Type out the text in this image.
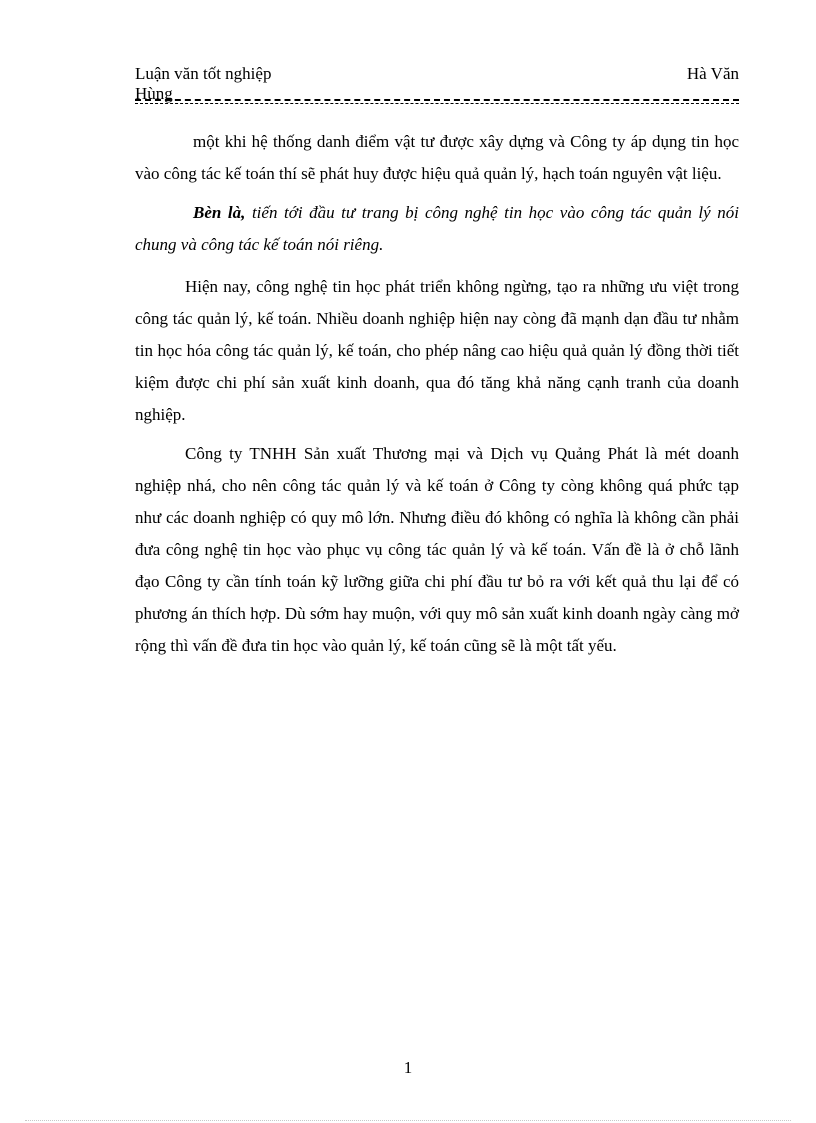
Luận văn tốt nghiệp
Hùng
Hà Văn

một khi hệ thống danh điểm vật tư được xây dựng và Công ty áp dụng tin học vào công tác kế toán thí sẽ phát huy được hiệu quả quản lý, hạch toán nguyên vật liệu.

Bèn là, tiến tới đầu tư trang bị công nghệ tin học vào công tác quản lý nói chung và công tác kế toán nói riêng.

Hiện nay, công nghệ tin học phát triển không ngừng, tạo ra những ưu việt trong công tác quản lý, kế toán. Nhiều doanh nghiệp hiện nay còng đã mạnh dạn đầu tư nhằm tin học hóa công tác quản lý, kế toán, cho phép nâng cao hiệu quả quản lý đồng thời tiết kiệm được chi phí sản xuất kinh doanh, qua đó tăng khả năng cạnh tranh của doanh nghiệp.

Công ty TNHH Sản xuất Thương mại và Dịch vụ Quảng Phát là mét doanh nghiệp nhá, cho nên công tác quản lý và kế toán ở Công ty còng không quá phức tạp như các doanh nghiệp có quy mô lớn. Nhưng điều đó không có nghĩa là không cần phải đưa công nghệ tin học vào phục vụ công tác quản lý và kế toán. Vấn đề là ở chỗ lãnh đạo Công ty cần tính toán kỹ lưỡng giữa chi phí đầu tư bỏ ra với kết quả thu lại để có phương án thích hợp. Dù sớm hay muộn, với quy mô sản xuất kinh doanh ngày càng mở rộng thì vấn đề đưa tin học vào quản lý, kế toán cũng sẽ là một tất yếu.

1
